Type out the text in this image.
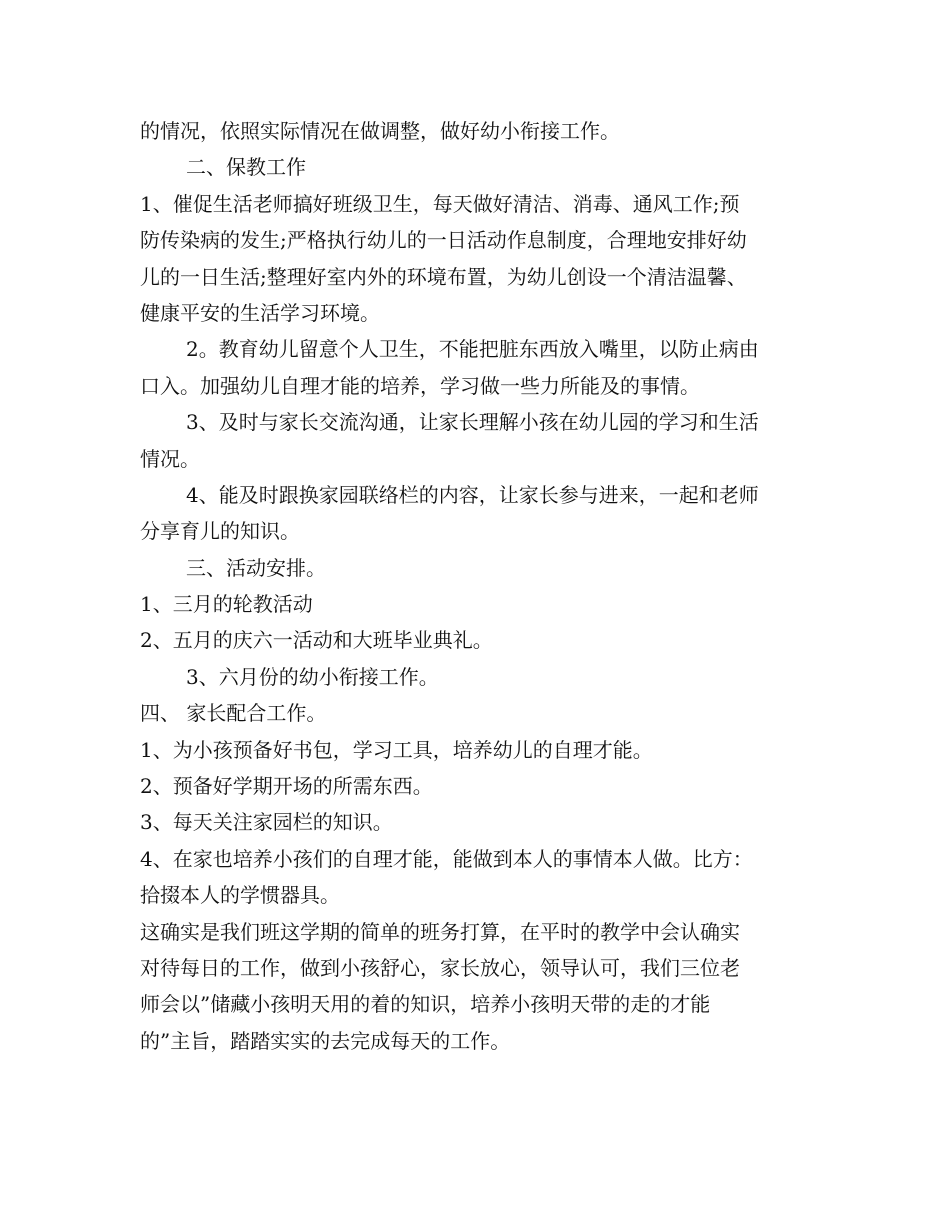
的情况，依照实际情况在做调整，做好幼小衔接工作。
二、保教工作
1、催促生活老师搞好班级卫生，每天做好清洁、消毒、通风工作;预
防传染病的发生;严格执行幼儿的一日活动作息制度，合理地安排好幼
儿的一日生活;整理好室内外的环境布置，为幼儿创设一个清洁温馨、
健康平安的生活学习环境。
2。教育幼儿留意个人卫生，不能把脏东西放入嘴里，以防止病由
口入。加强幼儿自理才能的培养，学习做一些力所能及的事情。
3、及时与家长交流沟通，让家长理解小孩在幼儿园的学习和生活
情况。
4、能及时跟换家园联络栏的内容，让家长参与进来，一起和老师
分享育儿的知识。
三、活动安排。
1、三月的轮教活动
2、五月的庆六一活动和大班毕业典礼。
3、六月份的幼小衔接工作。
四、 家长配合工作。
1、为小孩预备好书包，学习工具，培养幼儿的自理才能。
2、预备好学期开场的所需东西。
3、每天关注家园栏的知识。
4、在家也培养小孩们的自理才能，能做到本人的事情本人做。比方：
拾掇本人的学惯器具。
这确实是我们班这学期的简单的班务打算，在平时的教学中会认确实
对待每日的工作，做到小孩舒心，家长放心，领导认可，我们三位老
师会以”储藏小孩明天用的着的知识，培养小孩明天带的走的才能
的”主旨，踏踏实实的去完成每天的工作。
